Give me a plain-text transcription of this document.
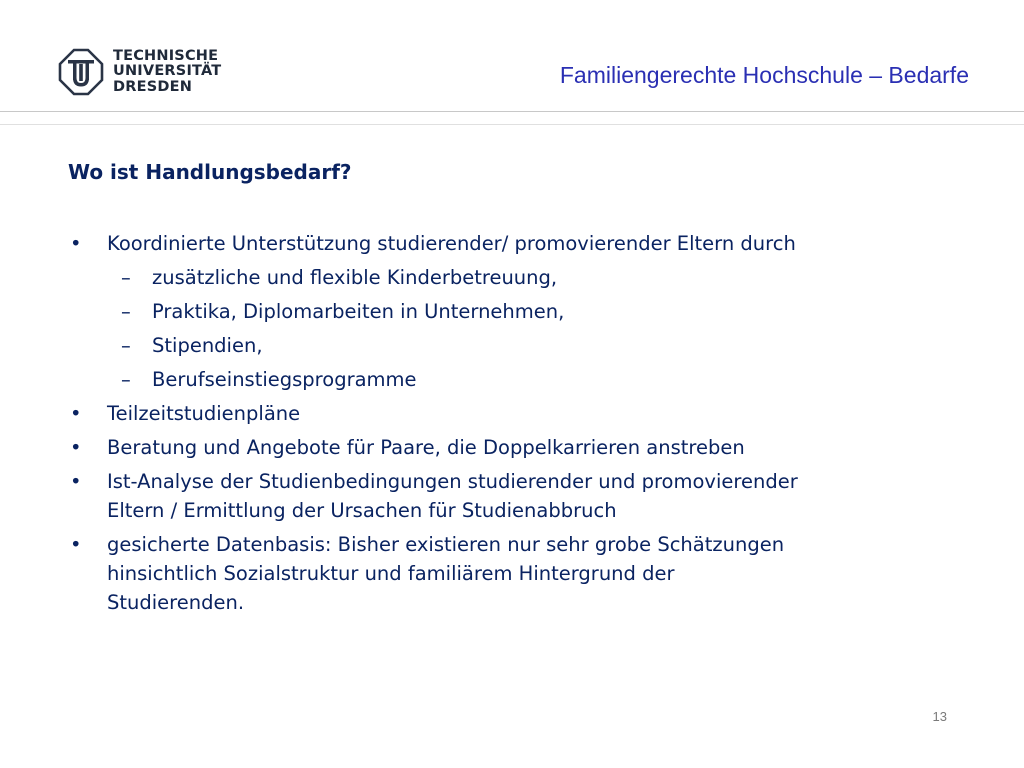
TECHNISCHE
UNIVERSITÄT
DRESDEN	Familiengerechte Hochschule – Bedarfe
Wo ist Handlungsbedarf?
• Koordinierte Unterstützung studierender/ promovierender Eltern durch
– zusätzliche und flexible Kinderbetreuung,
– Praktika, Diplomarbeiten in Unternehmen,
– Stipendien,
– Berufseinstiegsprogramme
• Teilzeitstudienpläne
• Beratung und Angebote für Paare, die Doppelkarrieren anstreben
• Ist-Analyse der Studienbedingungen studierender und promovierender
Eltern / Ermittlung der Ursachen für Studienabbruch
• gesicherte Datenbasis: Bisher existieren nur sehr grobe Schätzungen
hinsichtlich Sozialstruktur und familiärem Hintergrund der
Studierenden.
13
